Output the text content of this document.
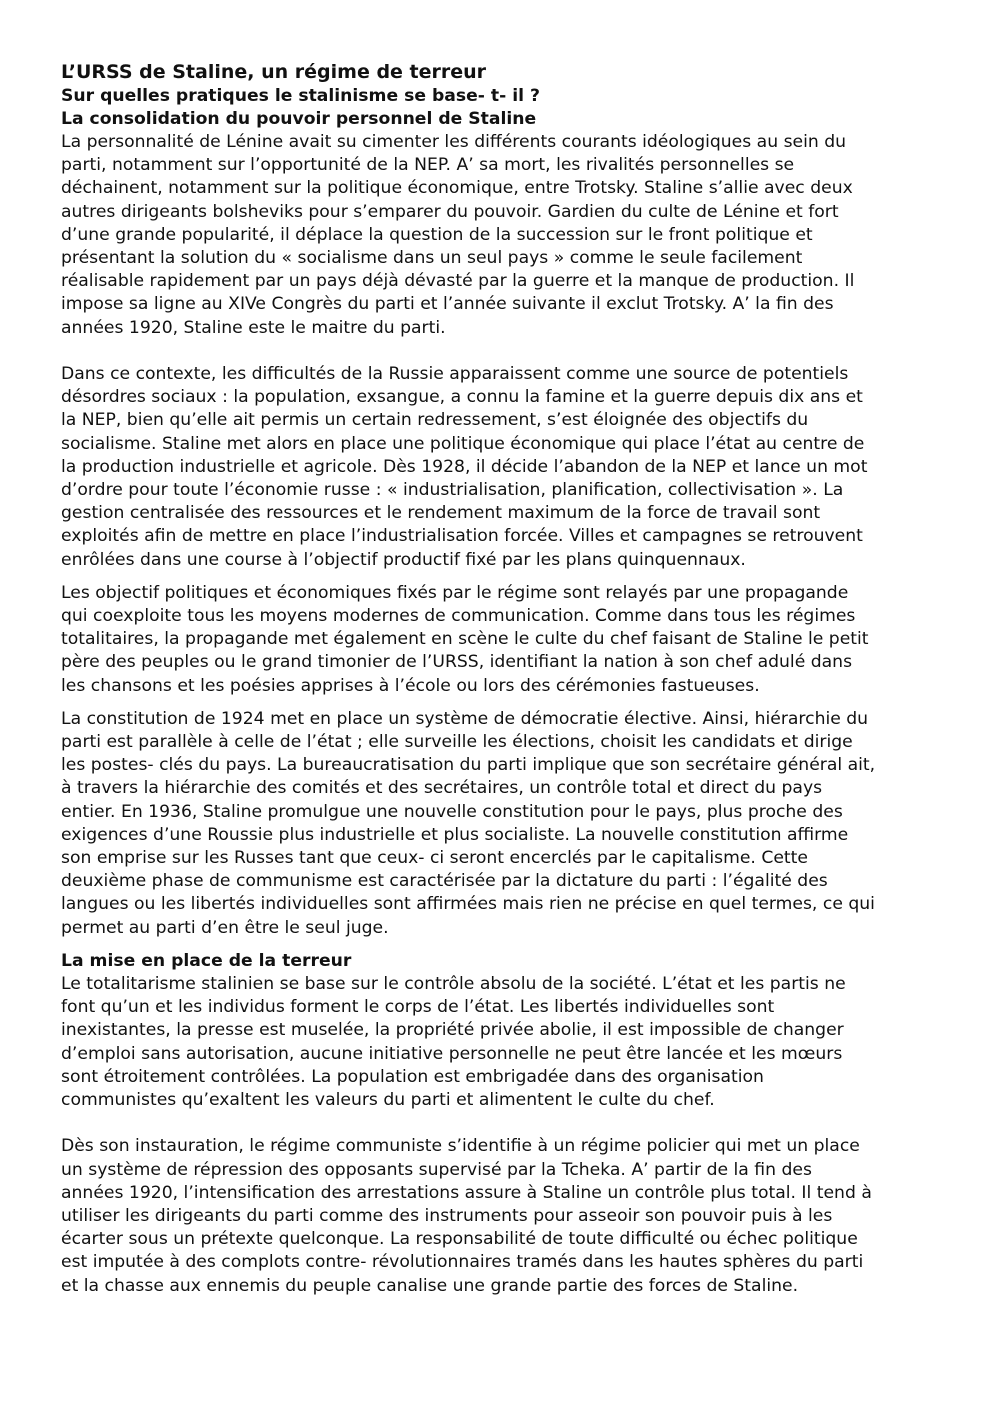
L’URSS de Staline, un régime de terreur
Sur quelles pratiques le stalinisme se base- t- il ?
La consolidation du pouvoir personnel de Staline

La personnalité de Lénine avait su cimenter les différents courants idéologiques au sein du
parti, notamment sur l’opportunité de la NEP. A’ sa mort, les rivalités personnelles se
déchainent, notamment sur la politique économique, entre Trotsky. Staline s’allie avec deux
autres dirigeants bolsheviks pour s’emparer du pouvoir. Gardien du culte de Lénine et fort
d’une grande popularité, il déplace la question de la succession sur le front politique et
présentant la solution du « socialisme dans un seul pays » comme le seule facilement
réalisable rapidement par un pays déjà dévasté par la guerre et la manque de production. Il
impose sa ligne au XIVe Congrès du parti et l’année suivante il exclut Trotsky. A’ la fin des
années 1920, Staline este le maitre du parti.

Dans ce contexte, les difficultés de la Russie apparaissent comme une source de potentiels
désordres sociaux : la population, exsangue, a connu la famine et la guerre depuis dix ans et
la NEP, bien qu’elle ait permis un certain redressement, s’est éloignée des objectifs du
socialisme. Staline met alors en place une politique économique qui place l’état au centre de
la production industrielle et agricole. Dès 1928, il décide l’abandon de la NEP et lance un mot
d’ordre pour toute l’économie russe : « industrialisation, planification, collectivisation ». La
gestion centralisée des ressources et le rendement maximum de la force de travail sont
exploités afin de mettre en place l’industrialisation forcée. Villes et campagnes se retrouvent
enrôlées dans une course à l’objectif productif fixé par les plans quinquennaux.

Les objectif politiques et économiques fixés par le régime sont relayés par une propagande
qui coexploite tous les moyens modernes de communication. Comme dans tous les régimes
totalitaires, la propagande met également en scène le culte du chef faisant de Staline le petit
père des peuples ou le grand timonier de l’URSS, identifiant la nation à son chef adulé dans
les chansons et les poésies apprises à l’école ou lors des cérémonies fastueuses.

La constitution de 1924 met en place un système de démocratie élective. Ainsi, hiérarchie du
parti est parallèle à celle de l’état ; elle surveille les élections, choisit les candidats et dirige
les postes- clés du pays. La bureaucratisation du parti implique que son secrétaire général ait,
à travers la hiérarchie des comités et des secrétaires, un contrôle total et direct du pays
entier. En 1936, Staline promulgue une nouvelle constitution pour le pays, plus proche des
exigences d’une Roussie plus industrielle et plus socialiste. La nouvelle constitution affirme
son emprise sur les Russes tant que ceux- ci seront encerclés par le capitalisme. Cette
deuxième phase de communisme est caractérisée par la dictature du parti : l’égalité des
langues ou les libertés individuelles sont affirmées mais rien ne précise en quel termes, ce qui
permet au parti d’en être le seul juge.

La mise en place de la terreur

Le totalitarisme stalinien se base sur le contrôle absolu de la société. L’état et les partis ne
font qu’un et les individus forment le corps de l’état. Les libertés individuelles sont
inexistantes, la presse est muselée, la propriété privée abolie, il est impossible de changer
d’emploi sans autorisation, aucune initiative personnelle ne peut être lancée et les mœurs
sont étroitement contrôlées. La population est embrigadée dans des organisation
communistes qu’exaltent les valeurs du parti et alimentent le culte du chef.

Dès son instauration, le régime communiste s’identifie à un régime policier qui met un place
un système de répression des opposants supervisé par la Tcheka. A’ partir de la fin des
années 1920, l’intensification des arrestations assure à Staline un contrôle plus total. Il tend à
utiliser les dirigeants du parti comme des instruments pour asseoir son pouvoir puis à les
écarter sous un prétexte quelconque. La responsabilité de toute difficulté ou échec politique
est imputée à des complots contre- révolutionnaires tramés dans les hautes sphères du parti
et la chasse aux ennemis du peuple canalise une grande partie des forces de Staline.
